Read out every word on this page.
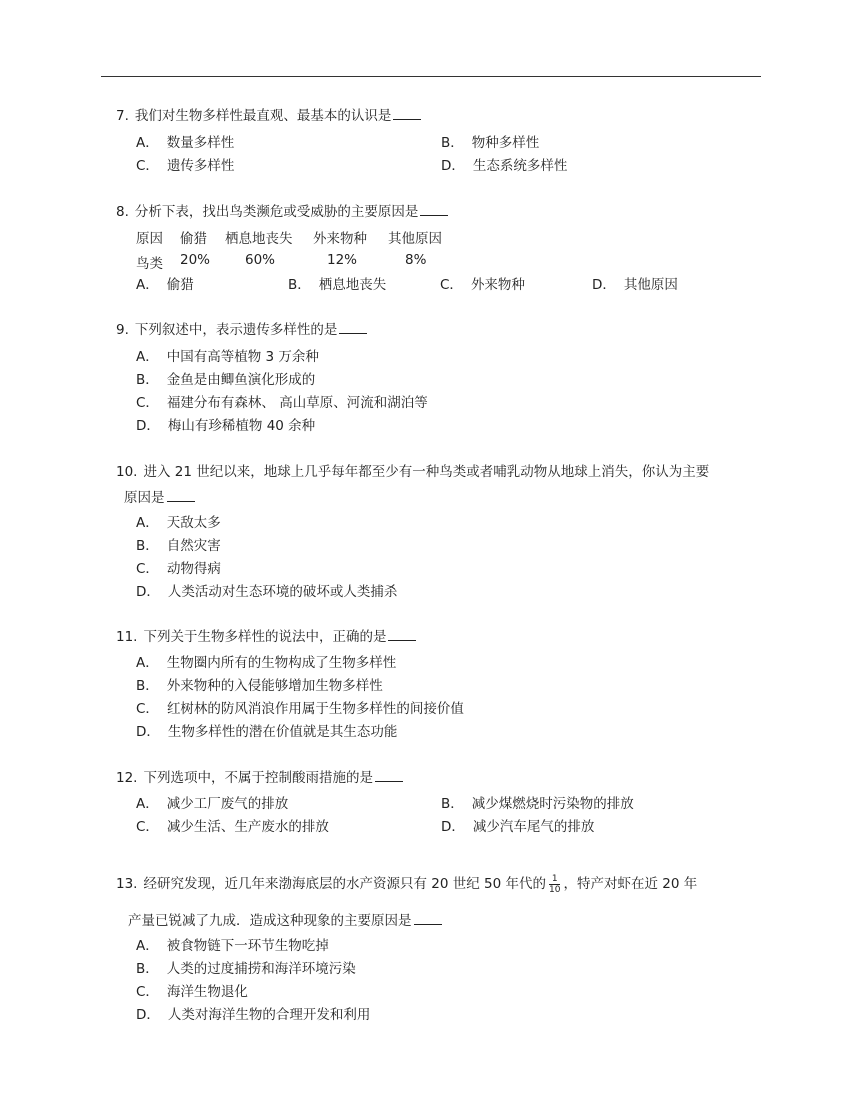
7. 我们对生物多样性最直观、最基本的认识是
A． 数量多样性	B． 物种多样性
C． 遗传多样性	D． 生态系统多样性
8. 分析下表，找出鸟类濒危或受威胁的主要原因是
原因 偷猎 栖息地丧失 外来物种 其他原因
鸟类 20%	60%	12%	8%
A． 偷猎	B． 栖息地丧失	C． 外来物种	D． 其他原因
9. 下列叙述中，表示遗传多样性的是
A． 中国有高等植物 3 万余种
B． 金鱼是由鲫鱼演化形成的
C． 福建分布有森林、 高山草原、河流和湖泊等
D． 梅山有珍稀植物 40 余种
10. 进入 21 世纪以来，地球上几乎每年都至少有一种鸟类或者哺乳动物从地球上消失，你认为主要
原因是
A． 天敌太多
B． 自然灾害
C． 动物得病
D． 人类活动对生态环境的破坏或人类捕杀
11. 下列关于生物多样性的说法中，正确的是
A． 生物圈内所有的生物构成了生物多样性
B． 外来物种的入侵能够增加生物多样性
C． 红树林的防风消浪作用属于生物多样性的间接价值
D． 生物多样性的潜在价值就是其生态功能
12. 下列选项中，不属于控制酸雨措施的是
A． 减少工厂废气的排放	B． 减少煤燃烧时污染物的排放
C． 减少生活、生产废水的排放	D． 减少汽车尾气的排放
13. 经研究发现，近几年来渤海底层的水产资源只有 20 世纪 50 年代的 $\frac{1}{10}$ ，特产对虾在近 20 年
产量已锐减了九成．造成这种现象的主要原因是
A． 被食物链下一环节生物吃掉
B． 人类的过度捕捞和海洋环境污染
C． 海洋生物退化
D． 人类对海洋生物的合理开发和利用
